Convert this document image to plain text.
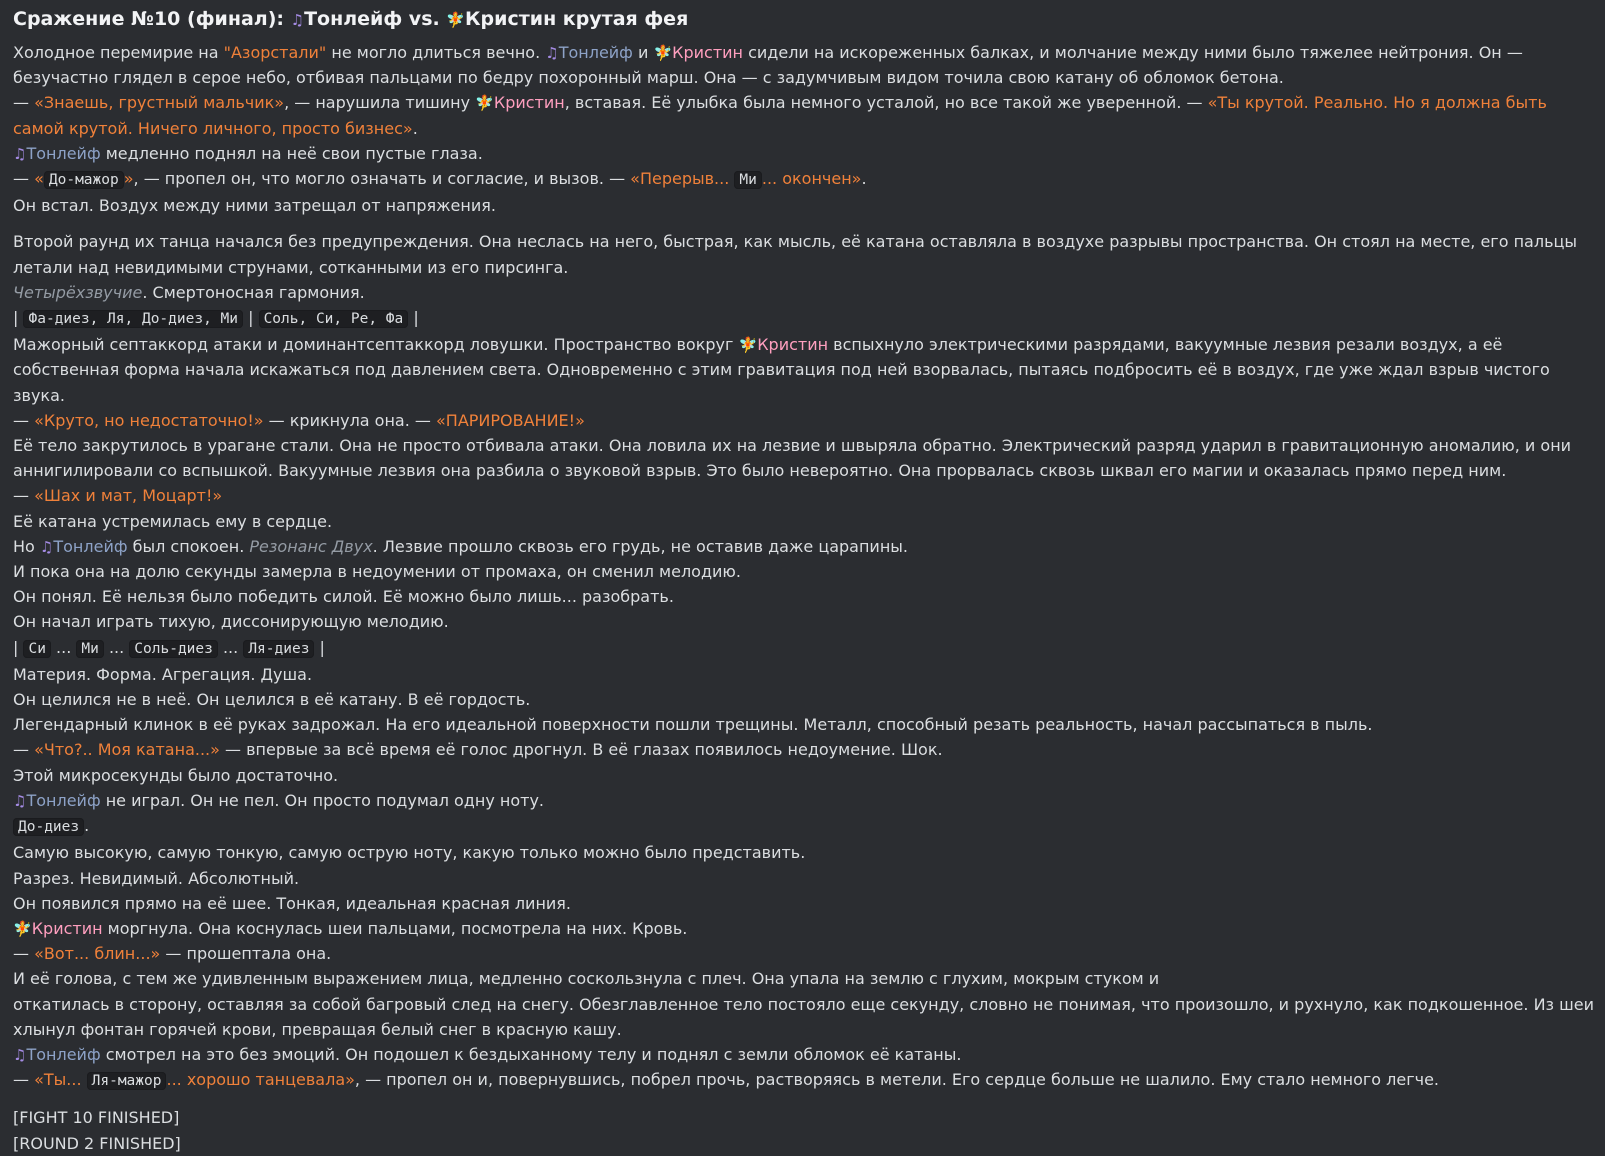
Сражение №10 (финал): ♫Тонлейф vs. 🧚Кристин крутая фея
Холодное перемирие на "Азорстали" не могло длиться вечно. ♫Тонлейф и 🧚Кристин сидели на искореженных балках, и молчание между ними было тяжелее нейтрония. Он — безучастно глядел в серое небо, отбивая пальцами по бедру похоронный марш. Она — с задумчивым видом точила свою катану об обломок бетона.
— «Знаешь, грустный мальчик», — нарушила тишину 🧚Кристин, вставая. Её улыбка была немного усталой, но все такой же уверенной. — «Ты крутой. Реально. Но я должна быть самой крутой. Ничего личного, просто бизнес».
♫Тонлейф медленно поднял на неё свои пустые глаза.
— « До-мажор », — пропел он, что могло означать и согласие, и вызов. — «Перерыв... Ми ... окончен».

Он встал. Воздух между ними затрещал от напряжения.

Второй раунд их танца начался без предупреждения. Она неслась на него, быстрая, как мысль, её катана оставляла в воздухе разрывы пространства. Он стоял на месте, его пальцы летали над невидимыми струнами, сотканными из его пирсинга.
Четырёхзвучие. Смертоносная гармония.
| Фа-диез, Ля, До-диез, Ми | Соль, Си, Ре, Фа |
Мажорный септаккорд атаки и доминантсептаккорд ловушки. Пространство вокруг 🧚Кристин вспыхнуло электрическими разрядами, вакуумные лезвия резали воздух, а её собственная форма начала искажаться под давлением света. Одновременно с этим гравитация под ней взорвалась, пытаясь подбросить её в воздух, где уже ждал взрыв чистого звука.
— «Круто, но недостаточно!» — крикнула она. — «ПАРИРОВАНИЕ!»
Её тело закрутилось в урагане стали. Она не просто отбивала атаки. Она ловила их на лезвие и швыряла обратно. Электрический разряд ударил в гравитационную аномалию, и они аннигилировали со вспышкой. Вакуумные лезвия она разбила о звуковой взрыв. Это было невероятно. Она прорвалась сквозь шквал его магии и оказалась прямо перед ним.
— «Шах и мат, Моцарт!»
Её катана устремилась ему в сердце.
Но ♫Тонлейф был спокоен. Резонанс Двух. Лезвие прошло сквозь его грудь, не оставив даже царапины.
И пока она на долю секунды замерла в недоумении от промаха, он сменил мелодию.
Он понял. Её нельзя было победить силой. Её можно было лишь... разобрать.
Он начал играть тихую, диссонирующую мелодию.
| Си ... Ми ... Соль-диез ... Ля-диез |
Материя. Форма. Агрегация. Душа.
Он целился не в неё. Он целился в её катану. В её гордость.
Легендарный клинок в её руках задрожал. На его идеальной поверхности пошли трещины. Металл, способный резать реальность, начал рассыпаться в пыль.
— «Что?.. Моя катана...» — впервые за всё время её голос дрогнул. В её глазах появилось недоумение. Шок.
Этой микросекунды было достаточно.
♫Тонлейф не играл. Он не пел. Он просто подумал одну ноту.
До-диез .
Самую высокую, самую тонкую, самую острую ноту, какую только можно было представить.
Разрез. Невидимый. Абсолютный.
Он появился прямо на её шее. Тонкая, идеальная красная линия.
🧚Кристин моргнула. Она коснулась шеи пальцами, посмотрела на них. Кровь.
— «Вот... блин...» — прошептала она.
И её голова, с тем же удивленным выражением лица, медленно соскользнула с плеч. Она упала на землю с глухим, мокрым стуком и
откатилась в сторону, оставляя за собой багровый след на снегу. Обезглавленное тело постояло еще секунду, словно не понимая, что произошло, и рухнуло, как подкошенное. Из шеи хлынул фонтан горячей крови, превращая белый снег в красную кашу.
♫Тонлейф смотрел на это без эмоций. Он подошел к бездыханному телу и поднял с земли обломок её катаны.

— «Ты... Ля-мажор ... хорошо танцевала», — пропел он и, повернувшись, побрел прочь, растворяясь в метели. Его сердце больше не шалило. Ему стало немного легче.

[FIGHT 10 FINISHED]
[ROUND 2 FINISHED]
